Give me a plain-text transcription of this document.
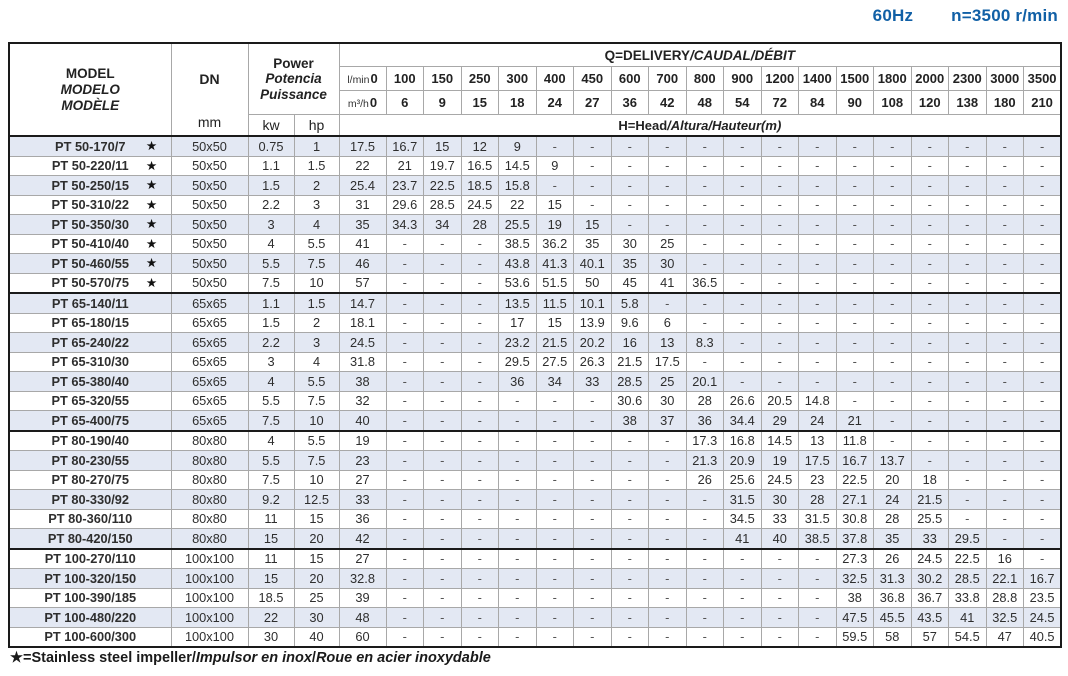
60Hz n=3500 r/min
MODEL
MODELO
MODÈLE

DN
mm

Power
Potencia
Puissance
	Q=DELIVERY/CAUDAL/DÉBIT
				l/min0	100	150	250	300	400	450	600	700	800	900	1200	1400	1500	1800	2000	2300	3000	3500
				m³/h0	6	9	15	18	24	27	36	42	48	54	72	84	90	108	120	138	180	210
		kw	hp	H=Head/Altura/Hauteur(m)																		
PT 50-170/7 ★	50x50	0.75	1	17.5	16.7	15	12	9	-	-	-	-	-	-	-	-	-	-	-	-	-	-
PT 50-220/11 ★	50x50	1.1	1.5	22	21	19.7	16.5	14.5	9	-	-	-	-	-	-	-	-	-	-	-	-	-
PT 50-250/15 ★	50x50	1.5	2	25.4	23.7	22.5	18.5	15.8	-	-	-	-	-	-	-	-	-	-	-	-	-	-
PT 50-310/22 ★	50x50	2.2	3	31	29.6	28.5	24.5	22	15	-	-	-	-	-	-	-	-	-	-	-	-	-
PT 50-350/30 ★	50x50	3	4	35	34.3	34	28	25.5	19	15	-	-	-	-	-	-	-	-	-	-	-	-
PT 50-410/40 ★	50x50	4	5.5	41	-	-	-	38.5	36.2	35	30	25	-	-	-	-	-	-	-	-	-	-
PT 50-460/55 ★	50x50	5.5	7.5	46	-	-	-	43.8	41.3	40.1	35	30	-	-	-	-	-	-	-	-	-	-
PT 50-570/75 ★	50x50	7.5	10	57	-	-	-	53.6	51.5	50	45	41	36.5	-	-	-	-	-	-	-	-	-
PT 65-140/11	65x65	1.1	1.5	14.7	-	-	-	13.5	11.5	10.1	5.8	-	-	-	-	-	-	-	-	-	-	-
PT 65-180/15	65x65	1.5	2	18.1	-	-	-	17	15	13.9	9.6	6	-	-	-	-	-	-	-	-	-	-
PT 65-240/22	65x65	2.2	3	24.5	-	-	-	23.2	21.5	20.2	16	13	8.3	-	-	-	-	-	-	-	-	-
PT 65-310/30	65x65	3	4	31.8	-	-	-	29.5	27.5	26.3	21.5	17.5	-	-	-	-	-	-	-	-	-	-
PT 65-380/40	65x65	4	5.5	38	-	-	-	36	34	33	28.5	25	20.1	-	-	-	-	-	-	-	-	-
PT 65-320/55	65x65	5.5	7.5	32	-	-	-	-	-	-	30.6	30	28	26.6	20.5	14.8	-	-	-	-	-	-
PT 65-400/75	65x65	7.5	10	40	-	-	-	-	-	-	38	37	36	34.4	29	24	21	-	-	-	-	-
PT 80-190/40	80x80	4	5.5	19	-	-	-	-	-	-	-	-	17.3	16.8	14.5	13	11.8	-	-	-	-	-
PT 80-230/55	80x80	5.5	7.5	23	-	-	-	-	-	-	-	-	21.3	20.9	19	17.5	16.7	13.7	-	-	-	-
PT 80-270/75	80x80	7.5	10	27	-	-	-	-	-	-	-	-	26	25.6	24.5	23	22.5	20	18	-	-	-
PT 80-330/92	80x80	9.2	12.5	33	-	-	-	-	-	-	-	-	-	31.5	30	28	27.1	24	21.5	-	-	-
PT 80-360/110	80x80	11	15	36	-	-	-	-	-	-	-	-	-	34.5	33	31.5	30.8	28	25.5	-	-	-
PT 80-420/150	80x80	15	20	42	-	-	-	-	-	-	-	-	-	41	40	38.5	37.8	35	33	29.5	-	-
PT 100-270/110	100x100	11	15	27	-	-	-	-	-	-	-	-	-	-	-	-	27.3	26	24.5	22.5	16	-
PT 100-320/150	100x100	15	20	32.8	-	-	-	-	-	-	-	-	-	-	-	-	32.5	31.3	30.2	28.5	22.1	16.7
PT 100-390/185	100x100	18.5	25	39	-	-	-	-	-	-	-	-	-	-	-	-	38	36.8	36.7	33.8	28.8	23.5
PT 100-480/220	100x100	22	30	48	-	-	-	-	-	-	-	-	-	-	-	-	47.5	45.5	43.5	41	32.5	24.5
PT 100-600/300	100x100	30	40	60	-	-	-	-	-	-	-	-	-	-	-	-	59.5	58	57	54.5	47	40.5
★=Stainless steel impeller/Impulsor en inox/Roue en acier inoxydable
